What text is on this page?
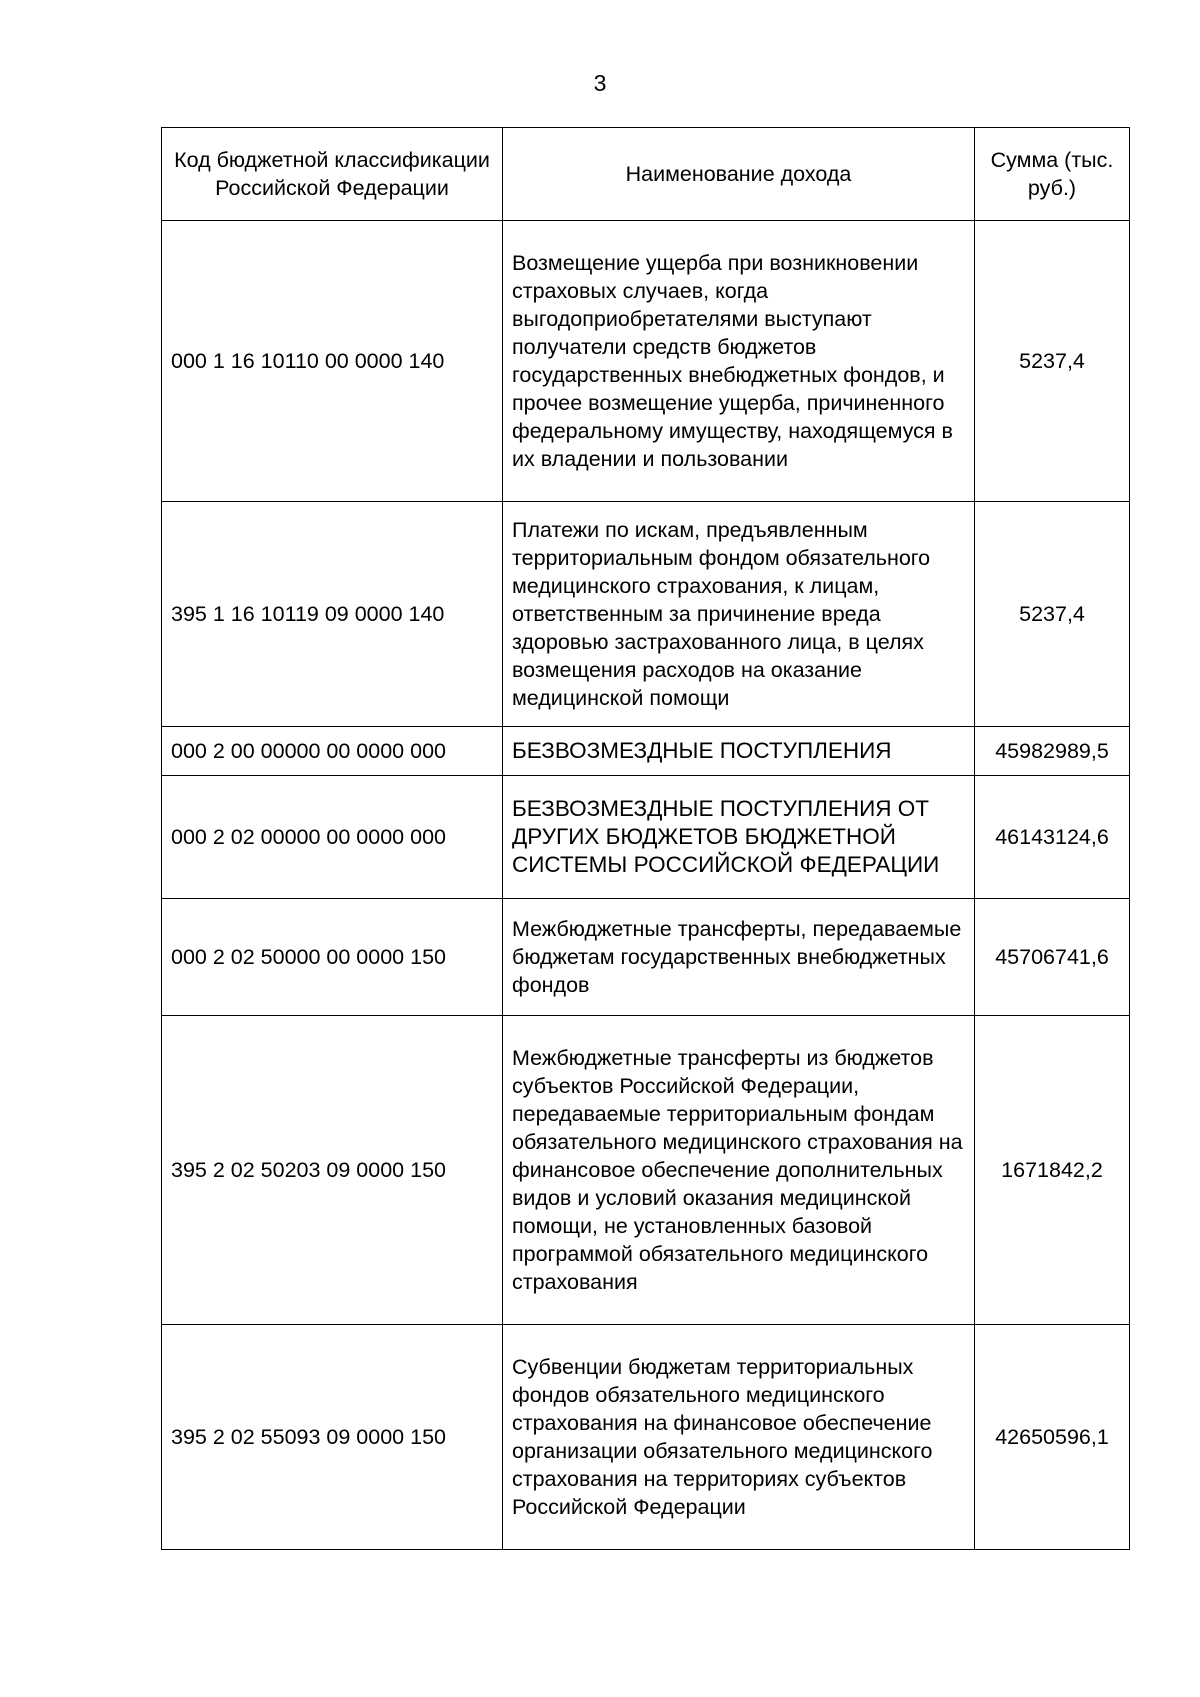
3
Код бюджетной классификации Российской Федерации	Наименование дохода	Сумма (тыс. руб.)
000 1 16 10110 00 0000 140	Возмещение ущерба при возникновении страховых случаев, когда выгодоприобретателями выступают получатели средств бюджетов государственных внебюджетных фондов, и прочее возмещение ущерба, причиненного федеральному имуществу, находящемуся в их владении и пользовании	5237,4
395 1 16 10119 09 0000 140	Платежи по искам, предъявленным территориальным фондом обязательного медицинского страхования, к лицам, ответственным за причинение вреда здоровью застрахованного лица, в целях возмещения расходов на оказание медицинской помощи	5237,4
000 2 00 00000 00 0000 000	БЕЗВОЗМЕЗДНЫЕ ПОСТУПЛЕНИЯ	45982989,5
000 2 02 00000 00 0000 000	БЕЗВОЗМЕЗДНЫЕ ПОСТУПЛЕНИЯ ОТ ДРУГИХ БЮДЖЕТОВ БЮДЖЕТНОЙ СИСТЕМЫ РОССИЙСКОЙ ФЕДЕРАЦИИ	46143124,6
000 2 02 50000 00 0000 150	Межбюджетные трансферты, передаваемые бюджетам государственных внебюджетных фондов	45706741,6
395 2 02 50203 09 0000 150	Межбюджетные трансферты из бюджетов субъектов Российской Федерации, передаваемые территориальным фондам обязательного медицинского страхования на финансовое обеспечение дополнительных видов и условий оказания медицинской помощи, не установленных базовой программой обязательного медицинского страхования	1671842,2
395 2 02 55093 09 0000 150	Субвенции бюджетам территориальных фондов обязательного медицинского страхования на финансовое обеспечение организации обязательного медицинского страхования на территориях субъектов Российской Федерации	42650596,1
